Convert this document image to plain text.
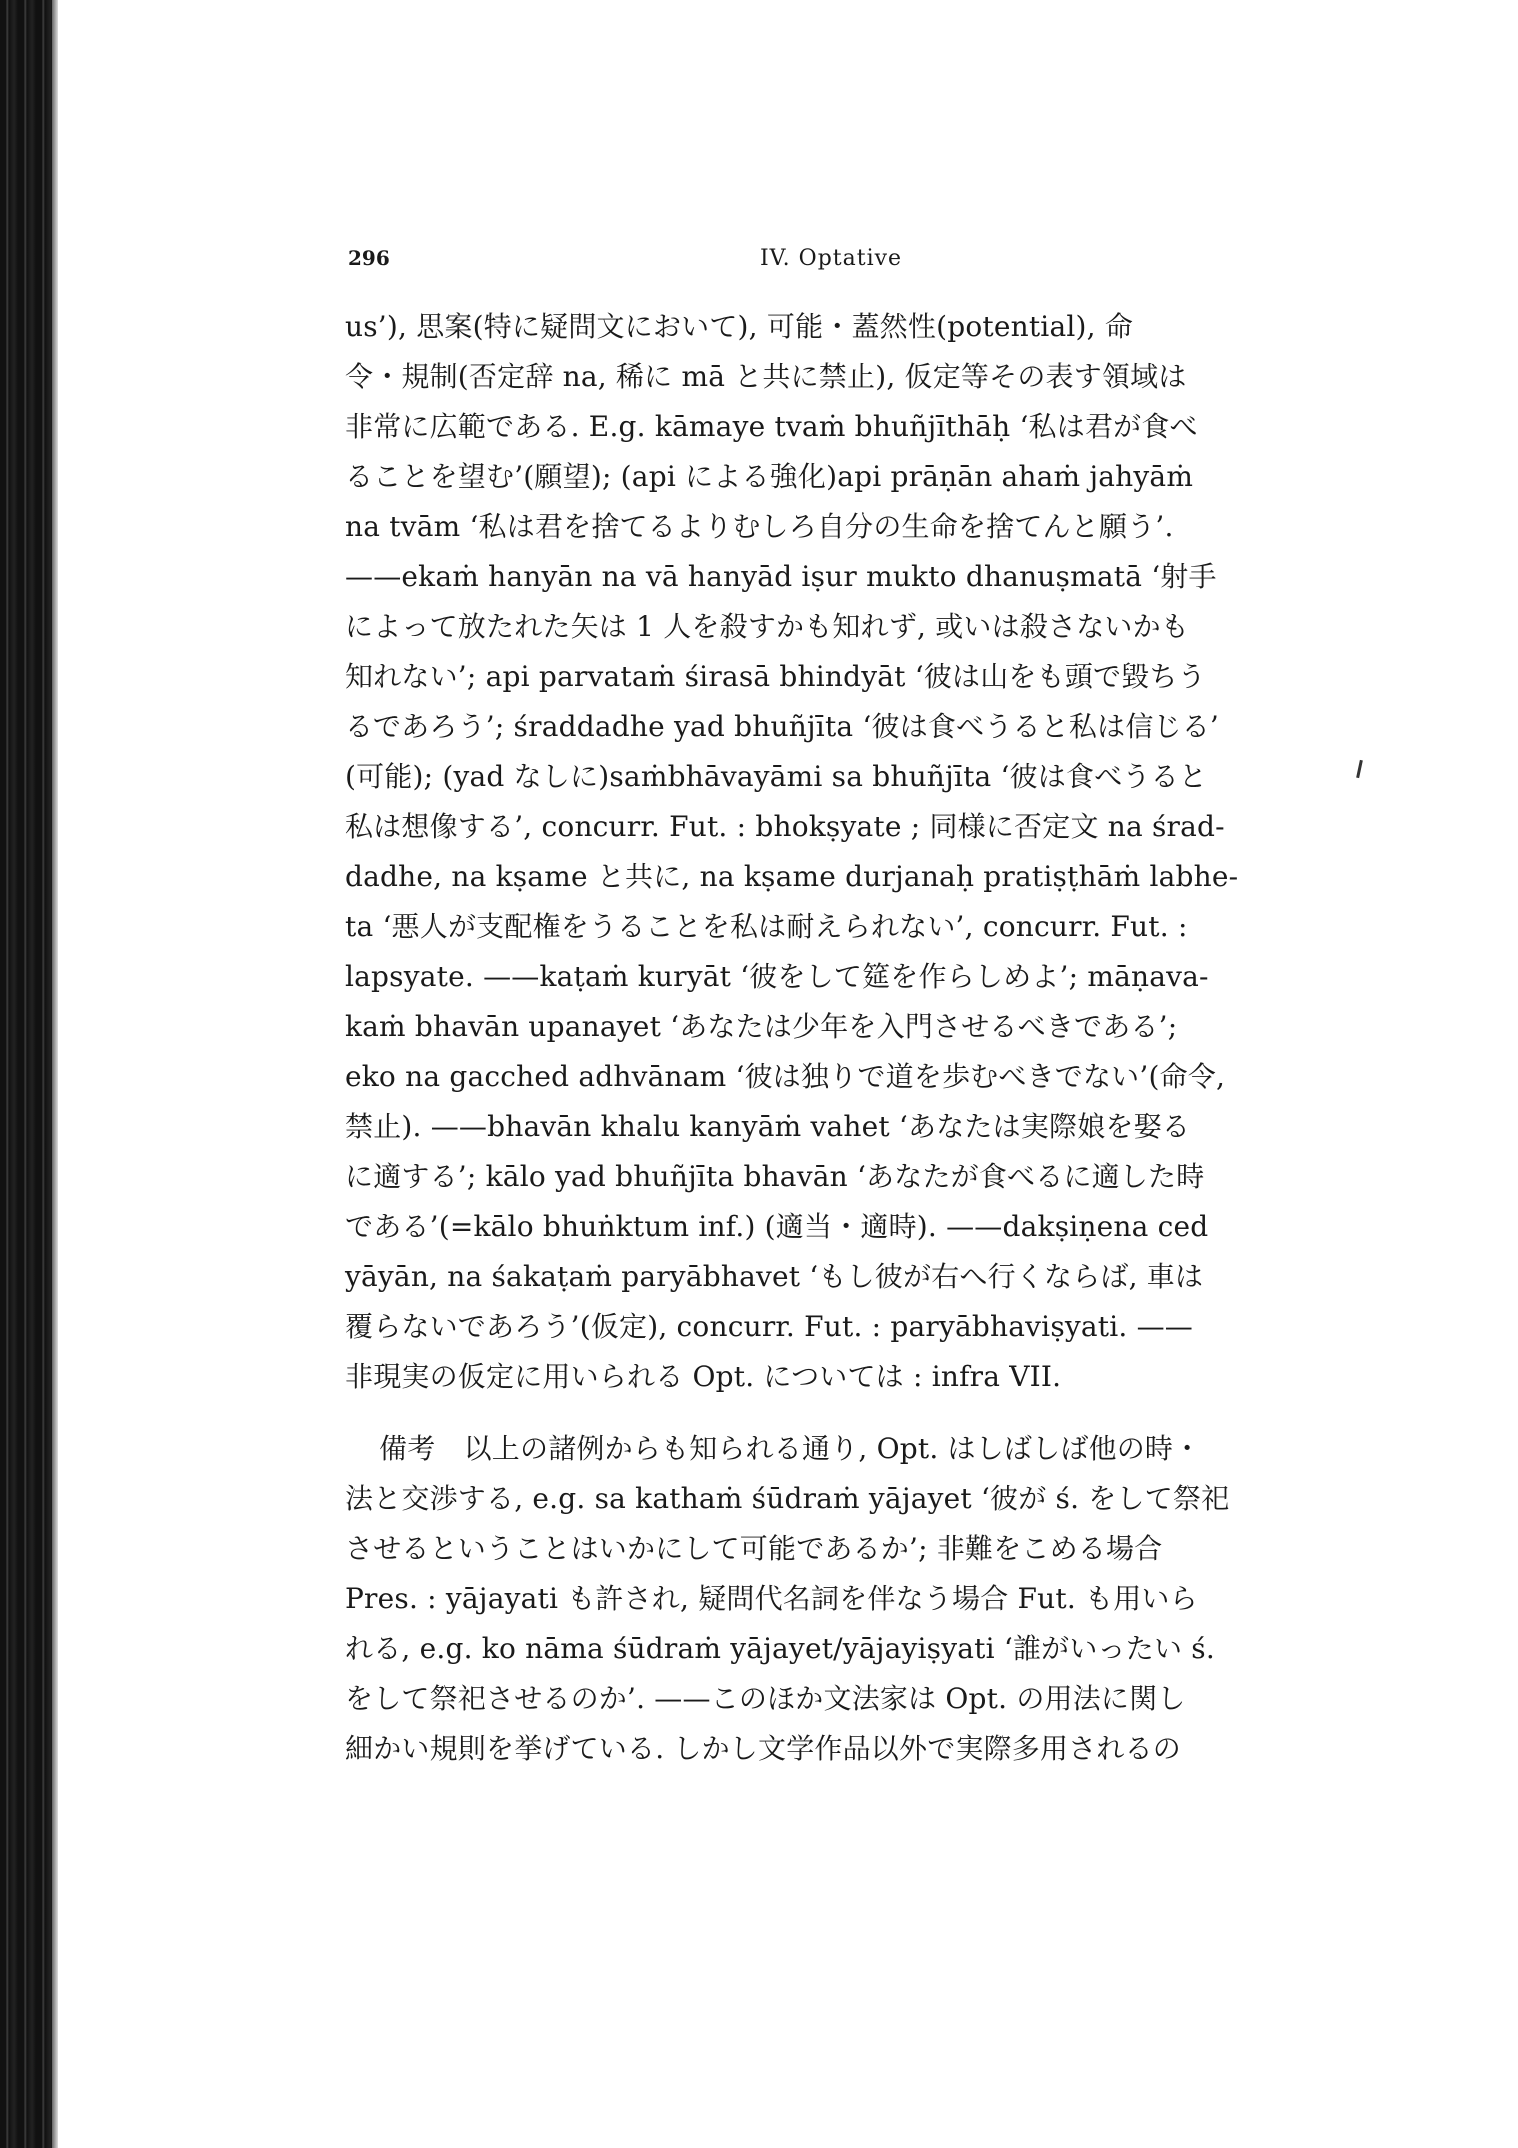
296	IV. Optative
us’), 思案(特に疑問文において), 可能・蓋然性(potential), 命
令・規制(否定辞 na, 稀に mā と共に禁止), 仮定等その表す領域は
非常に広範である. E.g. kāmaye tvaṁ bhuñjīthāḥ ‘私は君が食べ
ることを望む’(願望); (api による強化)api prāṇān ahaṁ jahyāṁ
na tvām ‘私は君を捨てるよりむしろ自分の生命を捨てんと願う’.
——ekaṁ hanyān na vā hanyād iṣur mukto dhanuṣmatā ‘射手
によって放たれた矢は 1 人を殺すかも知れず, 或いは殺さないかも
知れない’; api parvataṁ śirasā bhindyāt ‘彼は山をも頭で毀ちう
るであろう’; śraddadhe yad bhuñjīta ‘彼は食べうると私は信じる’
(可能); (yad なしに)saṁbhāvayāmi sa bhuñjīta ‘彼は食べうると
私は想像する’, concurr. Fut. : bhokṣyate ; 同様に否定文 na śrad-
dadhe, na kṣame と共に, na kṣame durjanaḥ pratiṣṭhāṁ labhe-
ta ‘悪人が支配権をうることを私は耐えられない’, concurr. Fut. :
lapsyate. ——kaṭaṁ kuryāt ‘彼をして筵を作らしめよ’; māṇava-
kaṁ bhavān upanayet ‘あなたは少年を入門させるべきである’;
eko na gacched adhvānam ‘彼は独りで道を歩むべきでない’(命令,
禁止). ——bhavān khalu kanyāṁ vahet ‘あなたは実際娘を娶る
に適する’; kālo yad bhuñjīta bhavān ‘あなたが食べるに適した時
である’(=kālo bhuṅktum inf.) (適当・適時). ——dakṣiṇena ced
yāyān, na śakaṭaṁ paryābhavet ‘もし彼が右へ行くならば, 車は
覆らないであろう’(仮定), concurr. Fut. : paryābhaviṣyati. ——
非現実の仮定に用いられる Opt. については : infra VII.
備考　以上の諸例からも知られる通り, Opt. はしばしば他の時・
法と交渉する, e.g. sa kathaṁ śūdraṁ yājayet ‘彼が ś. をして祭祀
させるということはいかにして可能であるか’; 非難をこめる場合
Pres. : yājayati も許され, 疑問代名詞を伴なう場合 Fut. も用いら
れる, e.g. ko nāma śūdraṁ yājayet/yājayiṣyati ‘誰がいったい ś.
をして祭祀させるのか’. ——このほか文法家は Opt. の用法に関し
細かい規則を挙げている. しかし文学作品以外で実際多用されるの
